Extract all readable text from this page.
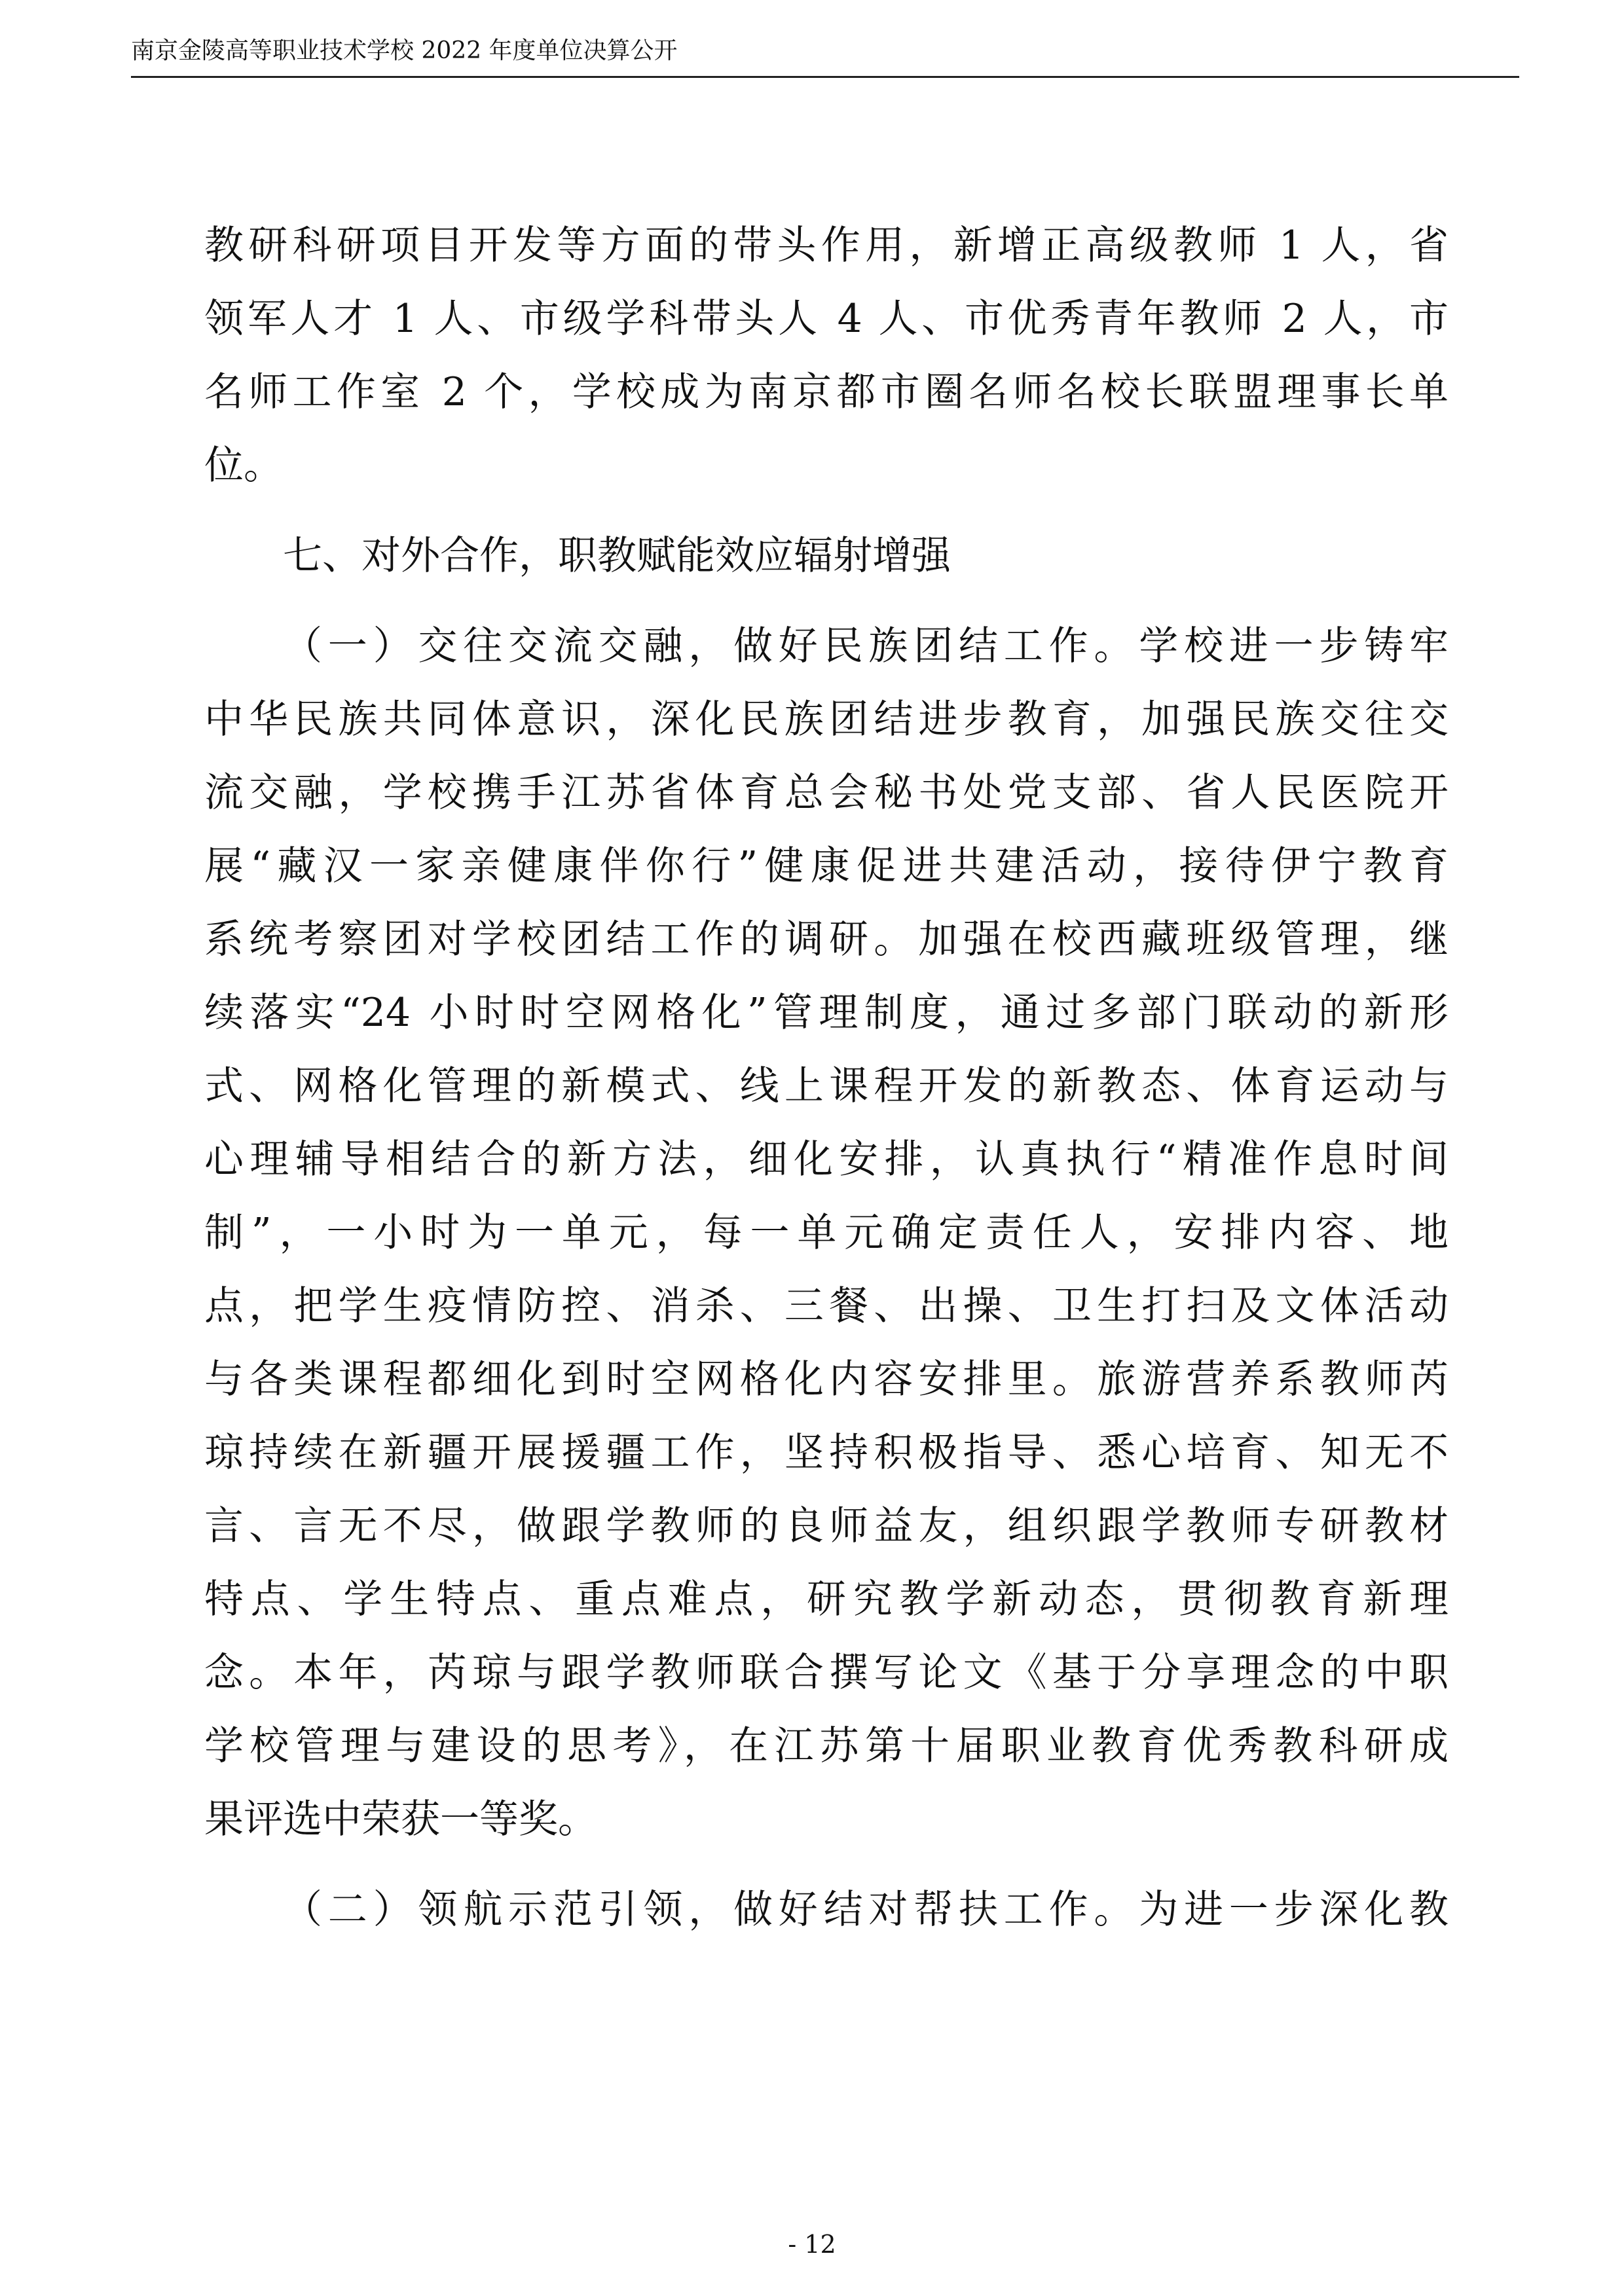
南京金陵高等职业技术学校 2022 年度单位决算公开
教研科研项目开发等方面的带头作用，新增正高级教师 1 人，省
领军人才 1 人、市级学科带头人 4 人、市优秀青年教师 2 人，市
名师工作室 2 个，学校成为南京都市圈名师名校长联盟理事长单
位。
七、对外合作，职教赋能效应辐射增强
（一）交往交流交融，做好民族团结工作。学校进一步铸牢
中华民族共同体意识，深化民族团结进步教育，加强民族交往交
流交融，学校携手江苏省体育总会秘书处党支部、省人民医院开
展“藏汉一家亲健康伴你行”健康促进共建活动，接待伊宁教育
系统考察团对学校团结工作的调研。加强在校西藏班级管理，继
续落实“24 小时时空网格化”管理制度，通过多部门联动的新形
式、网格化管理的新模式、线上课程开发的新教态、体育运动与
心理辅导相结合的新方法，细化安排，认真执行“精准作息时间
制”，一小时为一单元，每一单元确定责任人，安排内容、地
点，把学生疫情防控、消杀、三餐、出操、卫生打扫及文体活动
与各类课程都细化到时空网格化内容安排里。旅游营养系教师芮
琼持续在新疆开展援疆工作，坚持积极指导、悉心培育、知无不
言、言无不尽，做跟学教师的良师益友，组织跟学教师专研教材
特点、学生特点、重点难点，研究教学新动态，贯彻教育新理
念。本年，芮琼与跟学教师联合撰写论文《基于分享理念的中职
学校管理与建设的思考》，在江苏第十届职业教育优秀教科研成
果评选中荣获一等奖。
（二）领航示范引领，做好结对帮扶工作。为进一步深化教
- 12
